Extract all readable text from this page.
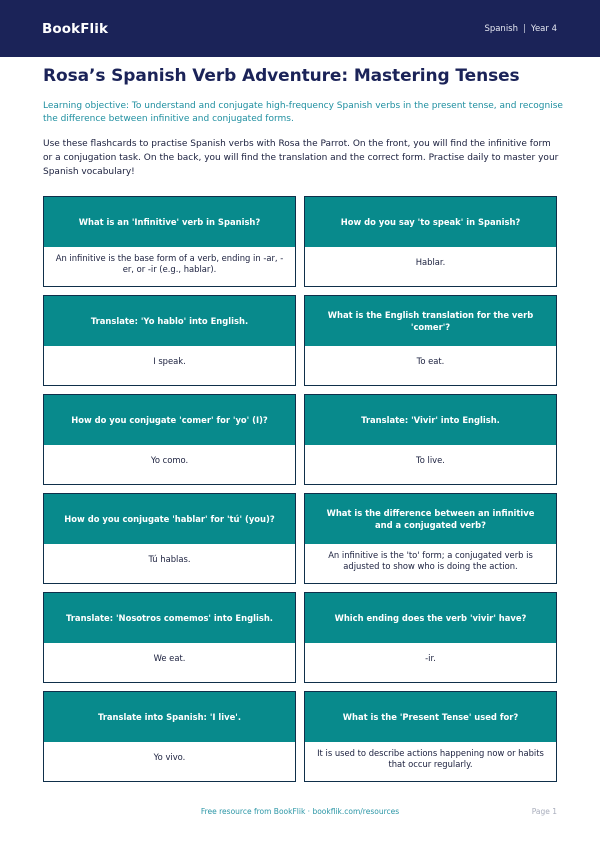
BookFlik	Spanish | Year 4
Rosa’s Spanish Verb Adventure: Mastering Tenses

Learning objective: To understand and conjugate high-frequency Spanish verbs in the present tense, and recognise the difference between infinitive and conjugated forms.

Use these flashcards to practise Spanish verbs with Rosa the Parrot. On the front, you will find the infinitive form or a conjugation task. On the back, you will find the translation and the correct form. Practise daily to master your Spanish vocabulary!

What is an 'Infinitive' verb in Spanish?
An infinitive is the base form of a verb, ending in -ar, -er, or -ir (e.g., hablar).
How do you say 'to speak' in Spanish?
Hablar.
Translate: 'Yo hablo' into English.
I speak.
What is the English translation for the verb 'comer'?
To eat.
How do you conjugate 'comer' for 'yo' (I)?
Yo como.
Translate: 'Vivir' into English.
To live.
How do you conjugate 'hablar' for 'tú' (you)?
Tú hablas.
What is the difference between an infinitive and a conjugated verb?
An infinitive is the 'to' form; a conjugated verb is adjusted to show who is doing the action.
Translate: 'Nosotros comemos' into English.
We eat.
Which ending does the verb 'vivir' have?
-ir.
Translate into Spanish: 'I live'.
Yo vivo.
What is the 'Present Tense' used for?
It is used to describe actions happening now or habits that occur regularly.
Free resource from BookFlik · bookflik.com/resources	Page 1
